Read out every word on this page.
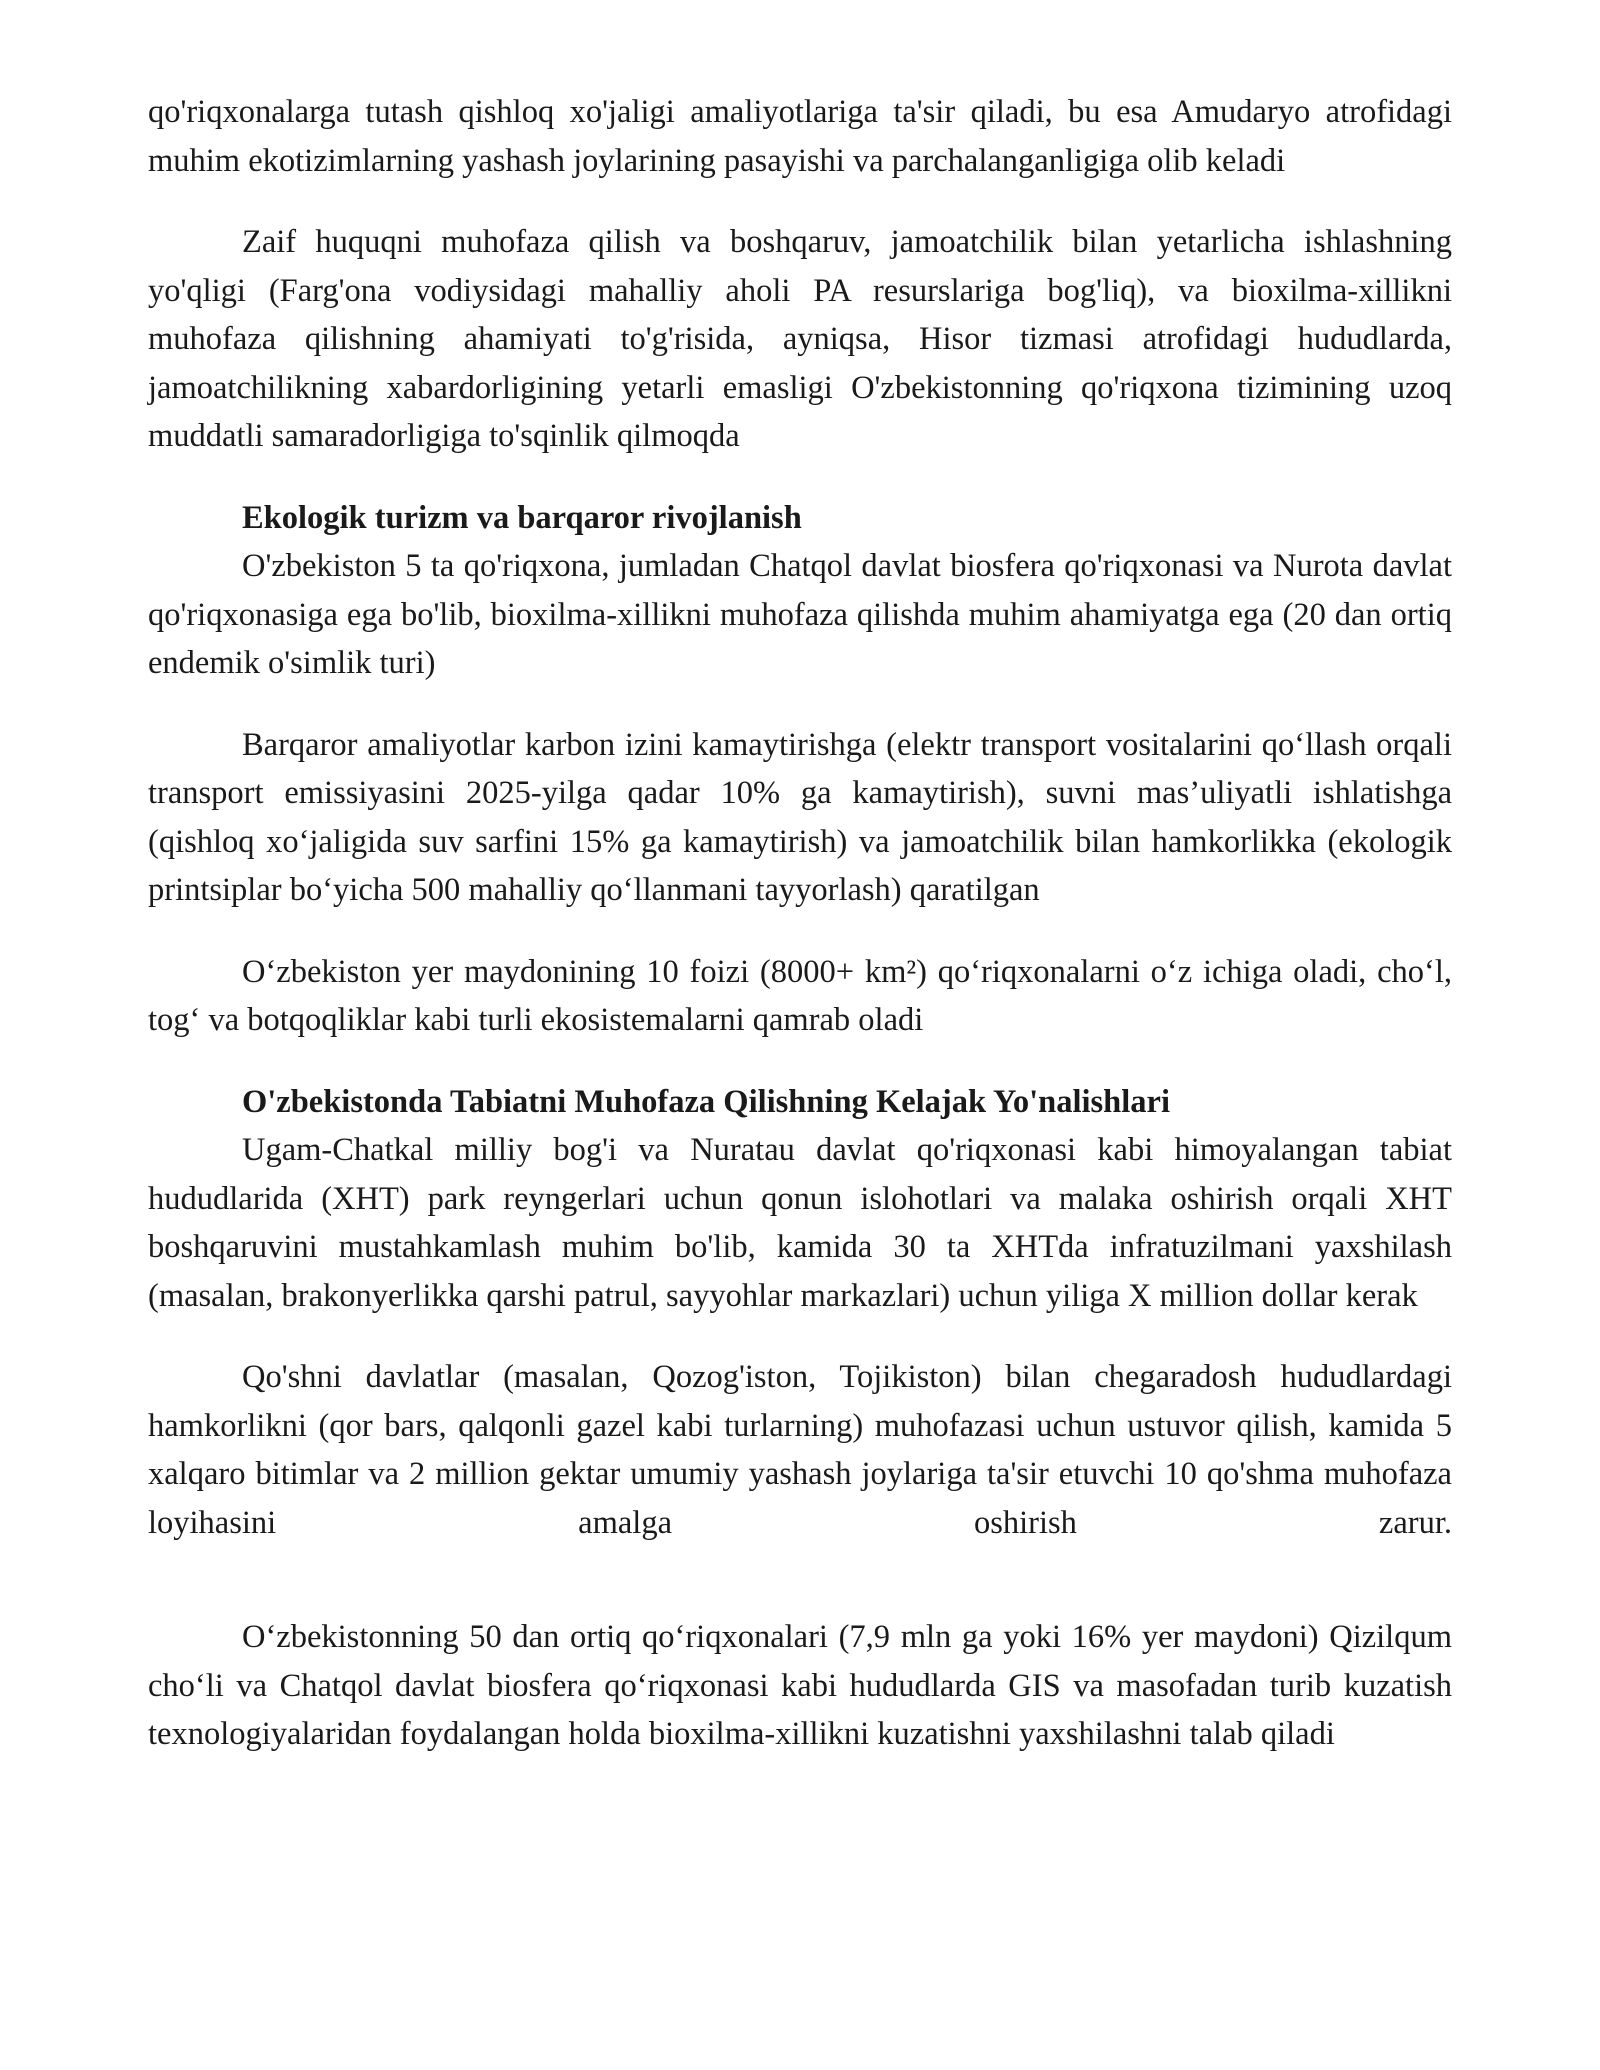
qo'riqxonalarga tutash qishloq xo'jaligi amaliyotlariga ta'sir qiladi, bu esa Amudaryo atrofidagi muhim ekotizimlarning yashash joylarining pasayishi va parchalanganligiga olib keladi

Zaif huquqni muhofaza qilish va boshqaruv, jamoatchilik bilan yetarlicha ishlashning yo'qligi (Farg'ona vodiysidagi mahalliy aholi PA resurslariga bog'liq), va bioxilma-xillikni muhofaza qilishning ahamiyati to'g'risida, ayniqsa, Hisor tizmasi atrofidagi hududlarda, jamoatchilikning xabardorligining yetarli emasligi O'zbekistonning qo'riqxona tizimining uzoq muddatli samaradorligiga to'sqinlik qilmoqda

Ekologik turizm va barqaror rivojlanish

O'zbekiston 5 ta qo'riqxona, jumladan Chatqol davlat biosfera qo'riqxonasi va Nurota davlat qo'riqxonasiga ega bo'lib, bioxilma-xillikni muhofaza qilishda muhim ahamiyatga ega (20 dan ortiq endemik o'simlik turi)

Barqaror amaliyotlar karbon izini kamaytirishga (elektr transport vositalarini qo‘llash orqali transport emissiyasini 2025-yilga qadar 10% ga kamaytirish), suvni mas’uliyatli ishlatishga (qishloq xo‘jaligida suv sarfini 15% ga kamaytirish) va jamoatchilik bilan hamkorlikka (ekologik printsiplar bo‘yicha 500 mahalliy qo‘llanmani tayyorlash) qaratilgan

O‘zbekiston yer maydonining 10 foizi (8000+ km²) qo‘riqxonalarni o‘z ichiga oladi, cho‘l, tog‘ va botqoqliklar kabi turli ekosistemalarni qamrab oladi

O'zbekistonda Tabiatni Muhofaza Qilishning Kelajak Yo'nalishlari

Ugam-Chatkal milliy bog'i va Nuratau davlat qo'riqxonasi kabi himoyalangan tabiat hududlarida (XHT) park reyngerlari uchun qonun islohotlari va malaka oshirish orqali XHT boshqaruvini mustahkamlash muhim bo'lib, kamida 30 ta XHTda infratuzilmani yaxshilash (masalan, brakonyerlikka qarshi patrul, sayyohlar markazlari) uchun yiliga X million dollar kerak

Qo'shni davlatlar (masalan, Qozog'iston, Tojikiston) bilan chegaradosh hududlardagi hamkorlikni (qor bars, qalqonli gazel kabi turlarning) muhofazasi uchun ustuvor qilish, kamida 5 xalqaro bitimlar va 2 million gektar umumiy yashash joylariga ta'sir etuvchi 10 qo'shma muhofaza loyihasini amalga oshirish zarur.

O‘zbekistonning 50 dan ortiq qo‘riqxonalari (7,9 mln ga yoki 16% yer maydoni) Qizilqum cho‘li va Chatqol davlat biosfera qo‘riqxonasi kabi hududlarda GIS va masofadan turib kuzatish texnologiyalaridan foydalangan holda bioxilma-xillikni kuzatishni yaxshilashni talab qiladi
